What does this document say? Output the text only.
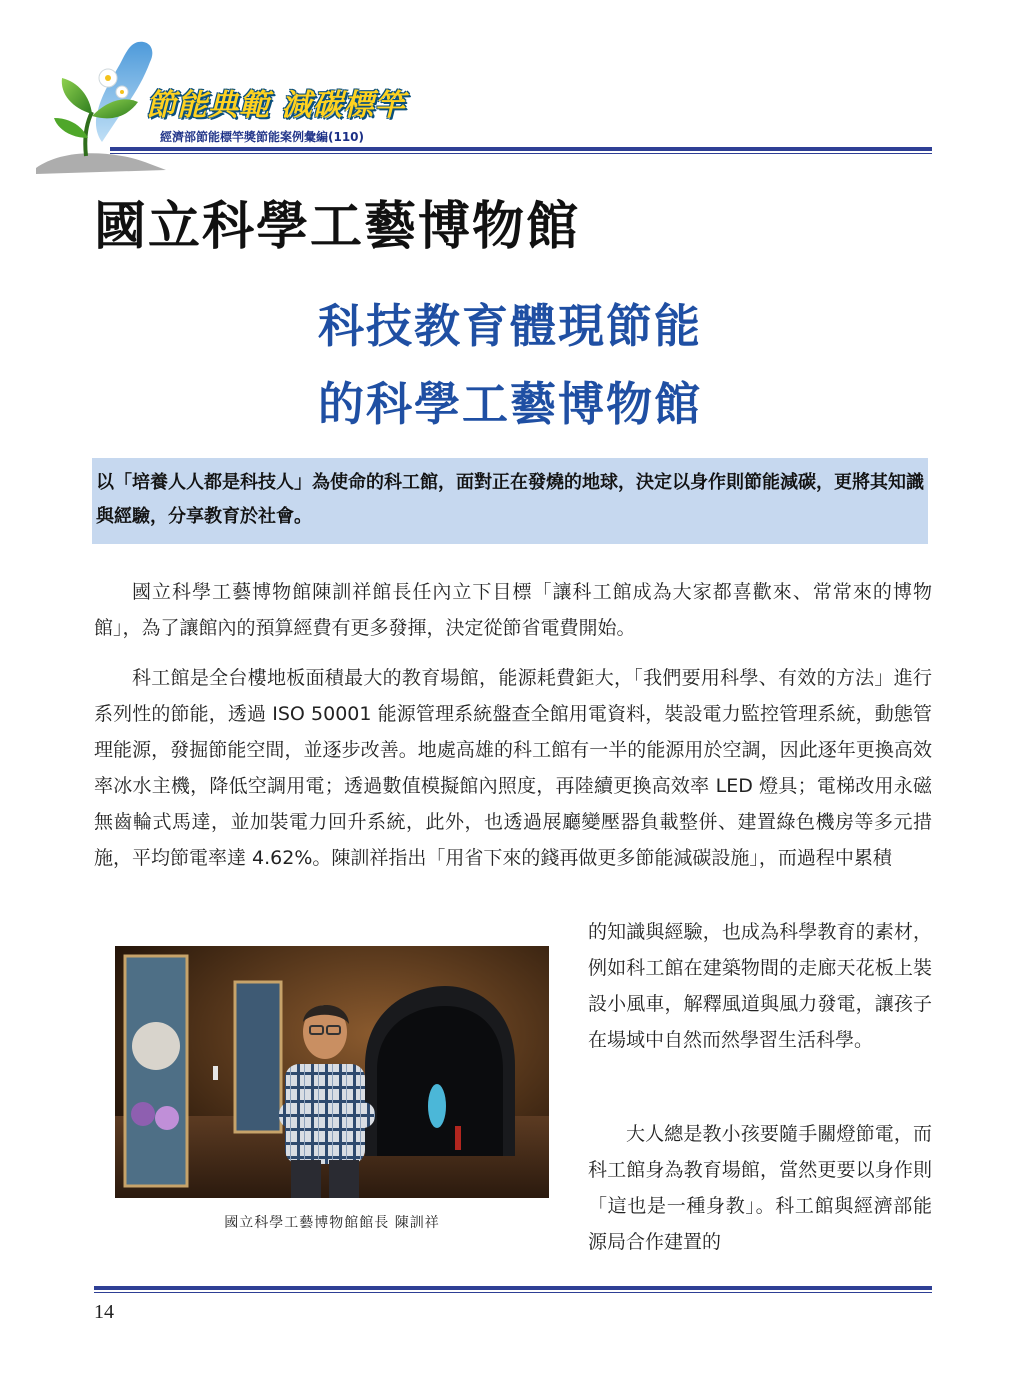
節能典範 減碳標竿
經濟部節能標竿獎節能案例彙編(110)
國立科學工藝博物館
科技教育體現節能
的科學工藝博物館
以「培養人人都是科技人」為使命的科工館，面對正在發燒的地球，決定以身作則節能減碳，更將其知識與經驗，分享教育於社會。
國立科學工藝博物館陳訓祥館長任內立下目標「讓科工館成為大家都喜歡來、常常來的博物館」，為了讓館內的預算經費有更多發揮，決定從節省電費開始。
科工館是全台樓地板面積最大的教育場館，能源耗費鉅大，「我們要用科學、有效的方法」進行系列性的節能，透過 ISO 50001 能源管理系統盤查全館用電資料，裝設電力監控管理系統，動態管理能源，發掘節能空間，並逐步改善。地處高雄的科工館有一半的能源用於空調，因此逐年更換高效率冰水主機，降低空調用電；透過數值模擬館內照度，再陸續更換高效率 LED 燈具；電梯改用永磁無齒輪式馬達，並加裝電力回升系統，此外，也透過展廳變壓器負載整併、建置綠色機房等多元措施，平均節電率達 4.62%。陳訓祥指出「用省下來的錢再做更多節能減碳設施」，而過程中累積
的知識與經驗，也成為科學教育的素材，例如科工館在建築物間的走廊天花板上裝設小風車，解釋風道與風力發電，讓孩子在場域中自然而然學習生活科學。
大人總是教小孩要隨手關燈節電，而科工館身為教育場館，當然更要以身作則「這也是一種身教」。科工館與經濟部能源局合作建置的
國立科學工藝博物館館長 陳訓祥
14
